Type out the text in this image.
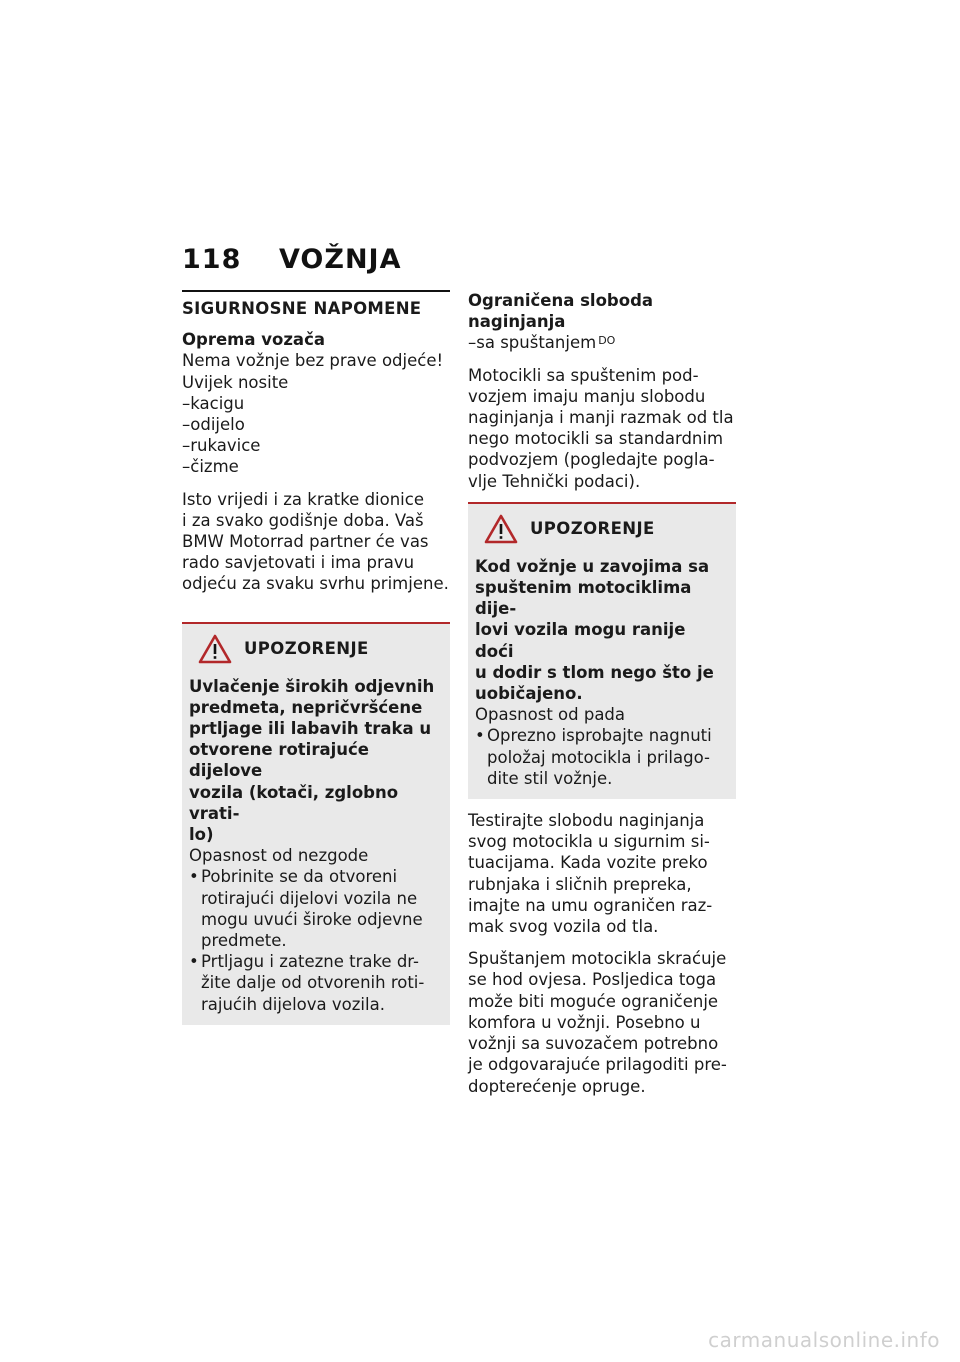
118 VOŽNJA
SIGURNOSNE NAPOMENE
Oprema vozača

Nema vožnje bez prave odjeće!

Uvijek nosite

–kacigu

–odijelo

–rukavice

–čizme

Isto vrijedi i za kratke dionice

i za svako godišnje doba. Vaš

BMW Motorrad partner će vas

rado savjetovati i ima pravu

odjeću za svaku svrhu primjene.

UPOZORENJE

Uvlačenje širokih odjevnih

predmeta, nepričvršćene

prtljage ili labavih traka u

otvorene rotirajuće dijelove

vozila (kotači, zglobno vrati-

lo)

Opasnost od nezgode

• Pobrinite se da otvoreni

rotirajući dijelovi vozila ne

mogu uvući široke odjevne

predmete.

• Prtljagu i zatezne trake dr-

žite dalje od otvorenih roti-

rajućih dijelova vozila.

Ograničena sloboda
naginjanja

–sa spuštanjem $^{DO}$

Motocikli sa spuštenim pod-

vozjem imaju manju slobodu

naginjanja i manji razmak od tla

nego motocikli sa standardnim

podvozjem (pogledajte pogla-

vlje Tehnički podaci).

UPOZORENJE

Kod vožnje u zavojima sa

spuštenim motociklima dije-

lovi vozila mogu ranije doći

u dodir s tlom nego što je

uobičajeno.

Opasnost od pada

• Oprezno isprobajte nagnuti

položaj motocikla i prilago-

dite stil vožnje.

Testirajte slobodu naginjanja

svog motocikla u sigurnim si-

tuacijama. Kada vozite preko

rubnjaka i sličnih prepreka,

imajte na umu ograničen raz-

mak svog vozila od tla.

Spuštanjem motocikla skraćuje

se hod ovjesa. Posljedica toga

može biti moguće ograničenje

komfora u vožnji. Posebno u

vožnji sa suvozačem potrebno

je odgovarajuće prilagoditi pre-

dopterećenje opruge.

carmanualsonline.info
